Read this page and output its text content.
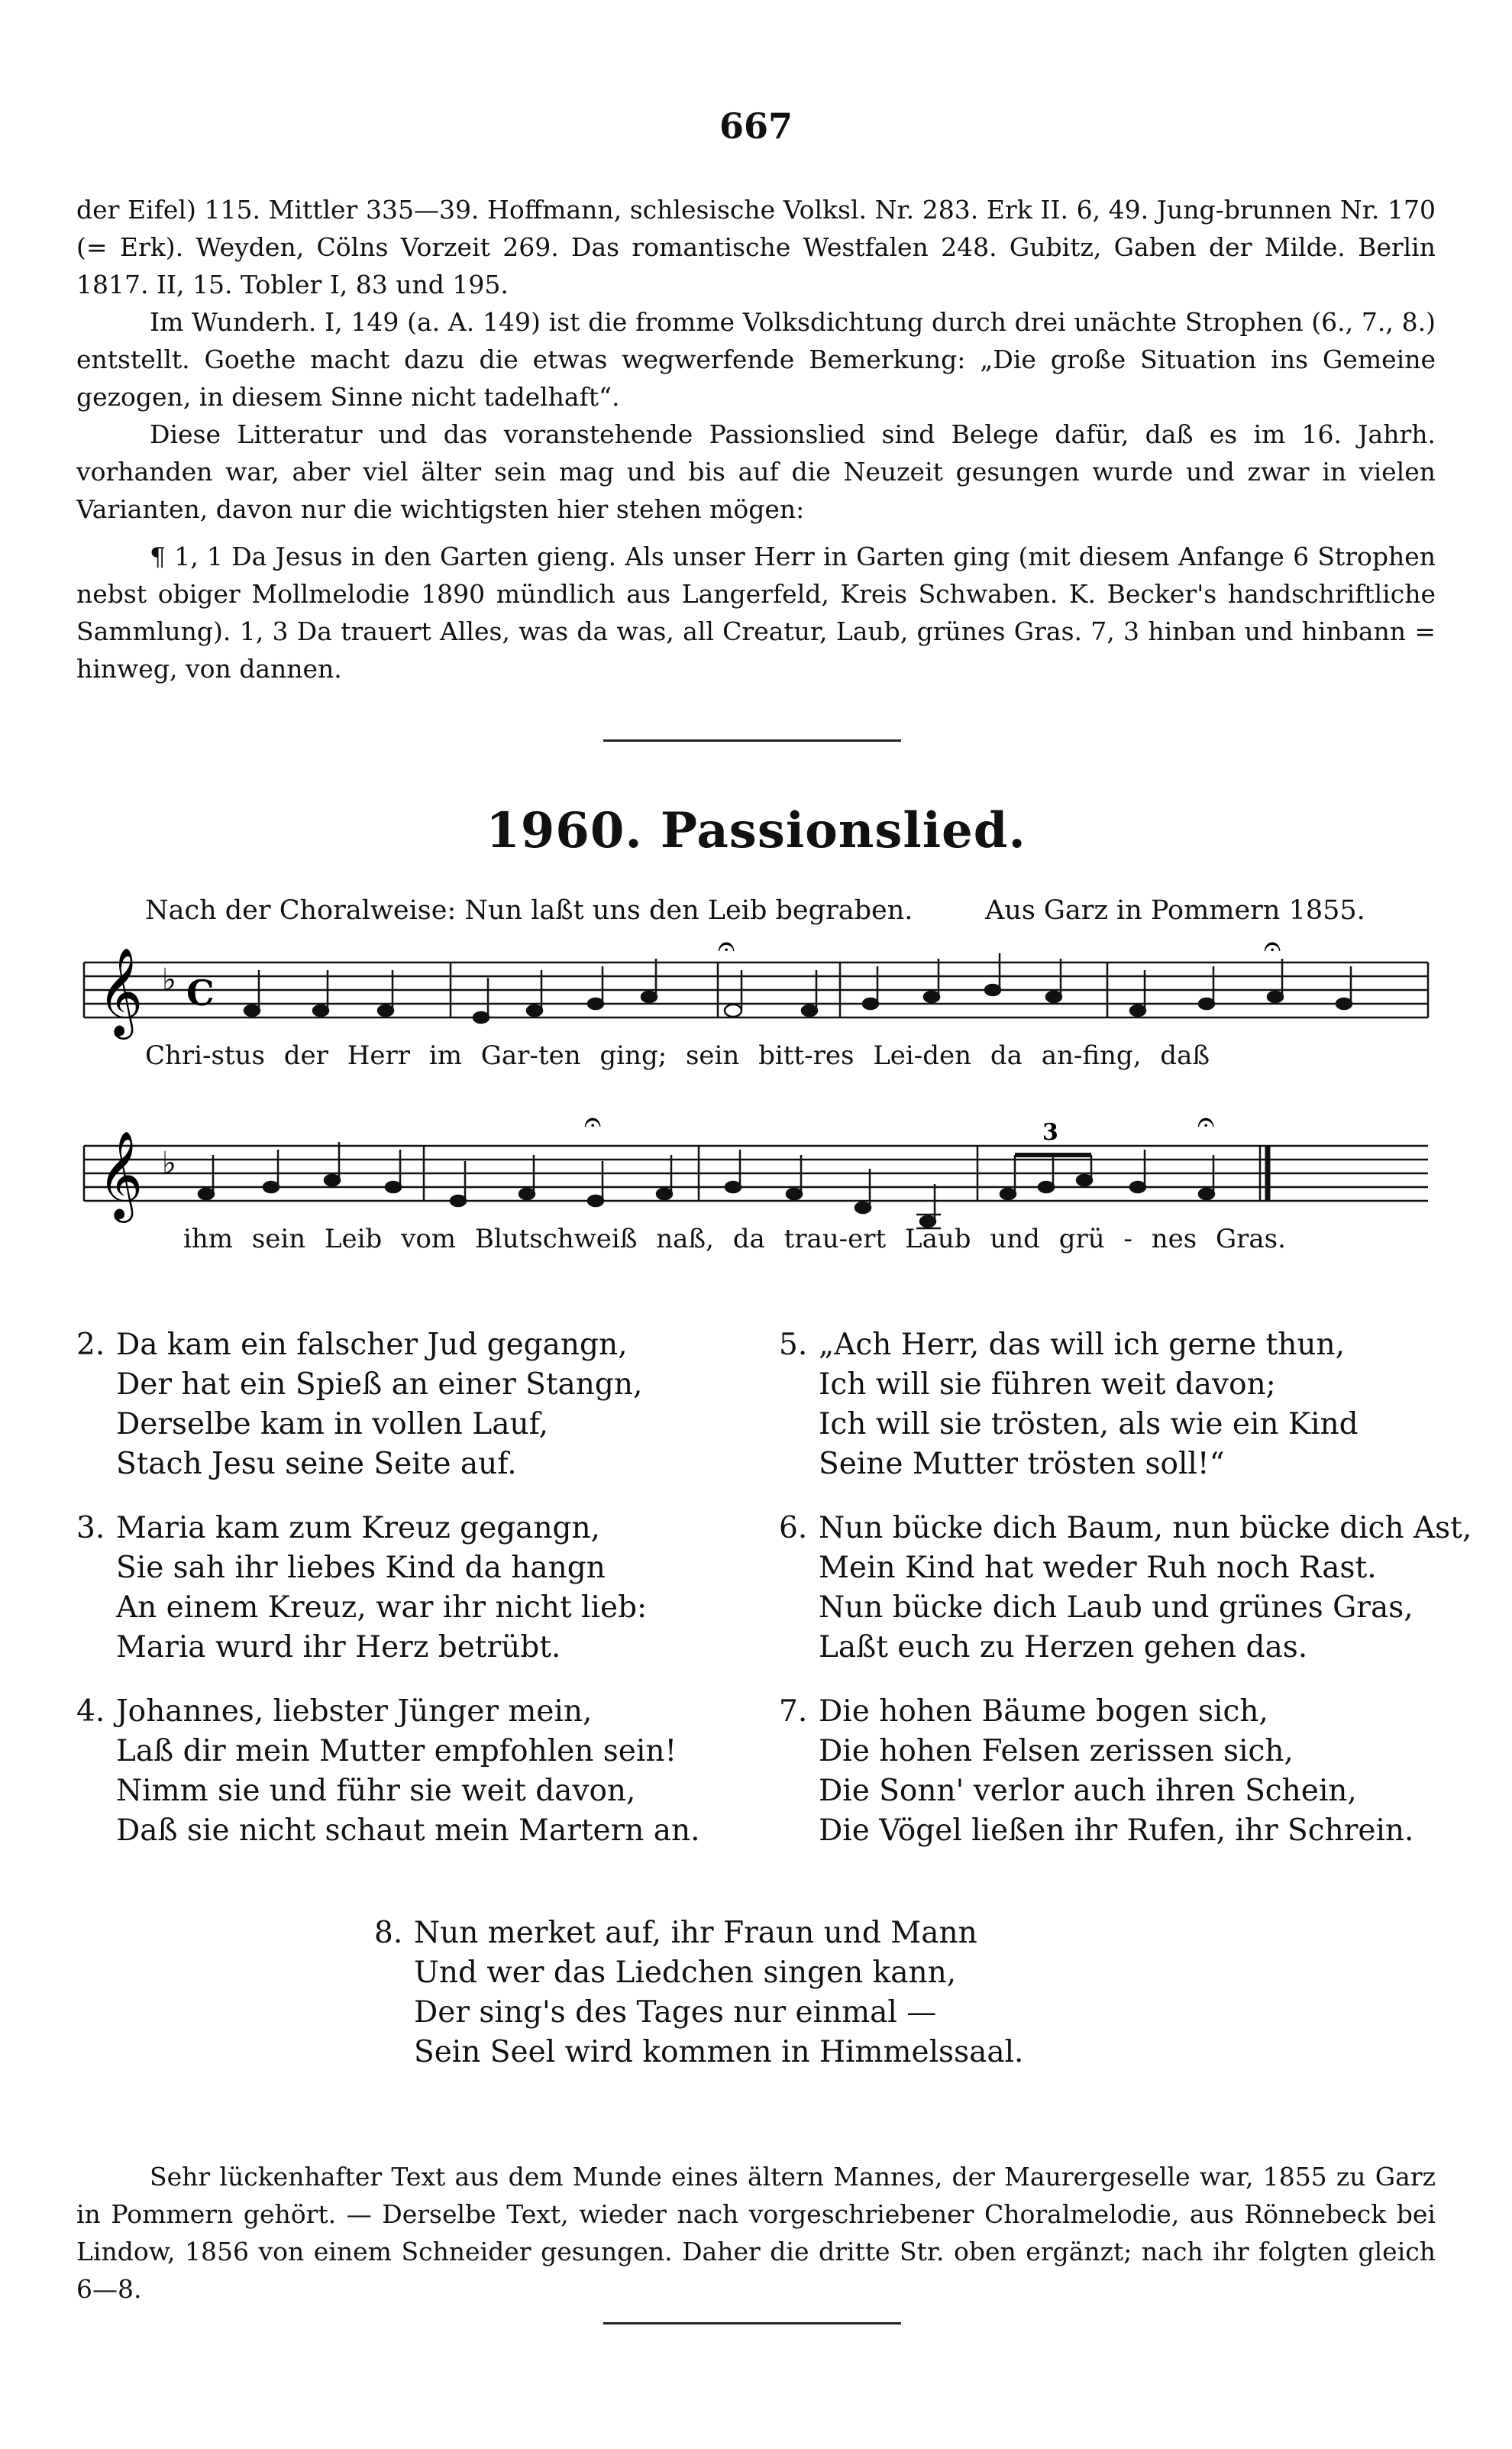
667

der Eifel) 115. Mittler 335—39. Hoffmann, schlesische Volksl. Nr. 283. Erk II. 6, 49. Jung-brunnen Nr. 170 (= Erk). Weyden, Cölns Vorzeit 269. Das romantische Westfalen 248. Gubitz, Gaben der Milde. Berlin 1817. II, 15. Tobler I, 83 und 195.

Im Wunderh. I, 149 (a. A. 149) ist die fromme Volksdichtung durch drei unächte Strophen (6., 7., 8.) entstellt. Goethe macht dazu die etwas wegwerfende Bemerkung: „Die große Situation ins Gemeine gezogen, in diesem Sinne nicht tadelhaft“.

Diese Litteratur und das voranstehende Passionslied sind Belege dafür, daß es im 16. Jahrh. vorhanden war, aber viel älter sein mag und bis auf die Neuzeit gesungen wurde und zwar in vielen Varianten, davon nur die wichtigsten hier stehen mögen:

¶ 1, 1 Da Jesus in den Garten gieng. Als unser Herr in Garten ging (mit diesem Anfange 6 Strophen nebst obiger Mollmelodie 1890 mündlich aus Langerfeld, Kreis Schwaben. K. Becker's handschriftliche Sammlung). 1, 3 Da trauert Alles, was da was, all Creatur, Laub, grünes Gras. 7, 3 hinban und hinbann = hinweg, von dannen.
1960. Passionslied.
Nach der Choralweise: Nun laßt uns den Leib begraben.	Aus Garz in Pommern 1855.
𝄞 ♭ C
𝄐	𝄐
Chri-stus der Herr im Gar-ten ging; sein bitt-res Lei-den da an-fing, daß
𝄞 ♭
𝄐	𝄐
3
ihm sein Leib vom Blutschweiß naß, da trau-ert Laub und grü - nes Gras.
2. Da kam ein falscher Jud gegangn,
Der hat ein Spieß an einer Stangn,
Derselbe kam in vollen Lauf,
Stach Jesu seine Seite auf.
3. Maria kam zum Kreuz gegangn,
Sie sah ihr liebes Kind da hangn
An einem Kreuz, war ihr nicht lieb:
Maria wurd ihr Herz betrübt.
4. Johannes, liebster Jünger mein,
Laß dir mein Mutter empfohlen sein!
Nimm sie und führ sie weit davon,
Daß sie nicht schaut mein Martern an.
5. „Ach Herr, das will ich gerne thun,
Ich will sie führen weit davon;
Ich will sie trösten, als wie ein Kind
Seine Mutter trösten soll!“
6. Nun bücke dich Baum, nun bücke dich Ast,
Mein Kind hat weder Ruh noch Rast.
Nun bücke dich Laub und grünes Gras,
Laßt euch zu Herzen gehen das.
7. Die hohen Bäume bogen sich,
Die hohen Felsen zerissen sich,
Die Sonn' verlor auch ihren Schein,
Die Vögel ließen ihr Rufen, ihr Schrein.
8. Nun merket auf, ihr Fraun und Mann
Und wer das Liedchen singen kann,
Der sing's des Tages nur einmal —
Sein Seel wird kommen in Himmelssaal.

Sehr lückenhafter Text aus dem Munde eines ältern Mannes, der Maurergeselle war, 1855 zu Garz in Pommern gehört. — Derselbe Text, wieder nach vorgeschriebener Choralmelodie, aus Rönnebeck bei Lindow, 1856 von einem Schneider gesungen. Daher die dritte Str. oben ergänzt; nach ihr folgten gleich 6—8.
